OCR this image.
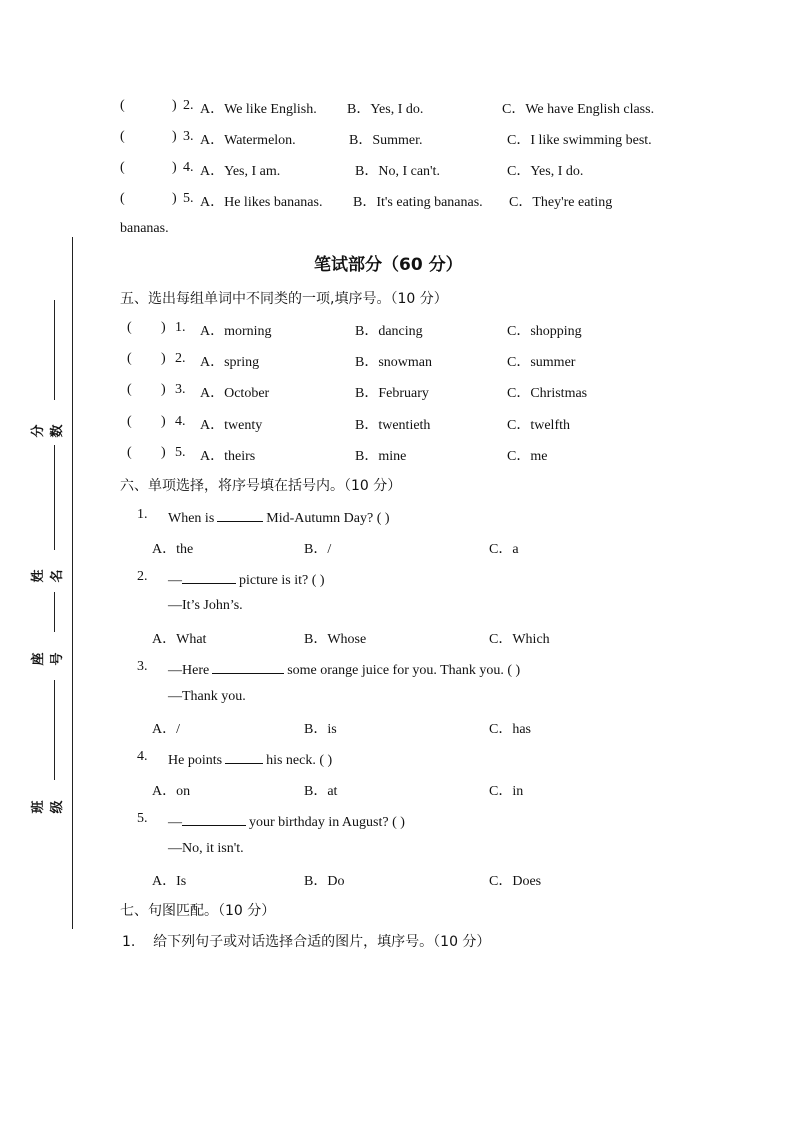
分数
姓名
座号
班级
(	) 2. A．We like English. B．Yes, I do.	C．We have English class.
(	) 3. A．Watermelon.	B．Summer.	C．I like swimming best.
(	) 4. A．Yes, I am.	B．No, I can't.	C．Yes, I do.
(	) 5. A．He likes bananas. B．It's eating bananas. C．They're eating
bananas.
笔试部分（60 分）
五、选出每组单词中不同类的一项,填序号。（10 分）
( ) 1. A．morning	B．dancing	C．shopping
( ) 2. A．spring	B．snowman	C．summer
( ) 3. A．October	B．February	C．Christmas
( ) 4. A．twenty	B．twentieth	C．twelfth
( ) 5. A．theirs	B．mine	C．me
六、单项选择，将序号填在括号内。（10 分）
1. When is	Mid-Autumn Day? ( )
A．the	B．/	C．a
2. —	picture is it? ( )
—It’s John’s.
A．What	B．Whose	C．Which
3. —Here	some orange juice for you. Thank you. ( )
—Thank you.
A．/	B．is	C．has
4. He points	his neck. ( )
A．on	B．at	C．in
5. —	your birthday in August? ( )
—No, it isn't.
A．Is	B．Do	C．Does
七、句图匹配。（10 分）
1.    给下列句子或对话选择合适的图片，填序号。（10 分）
